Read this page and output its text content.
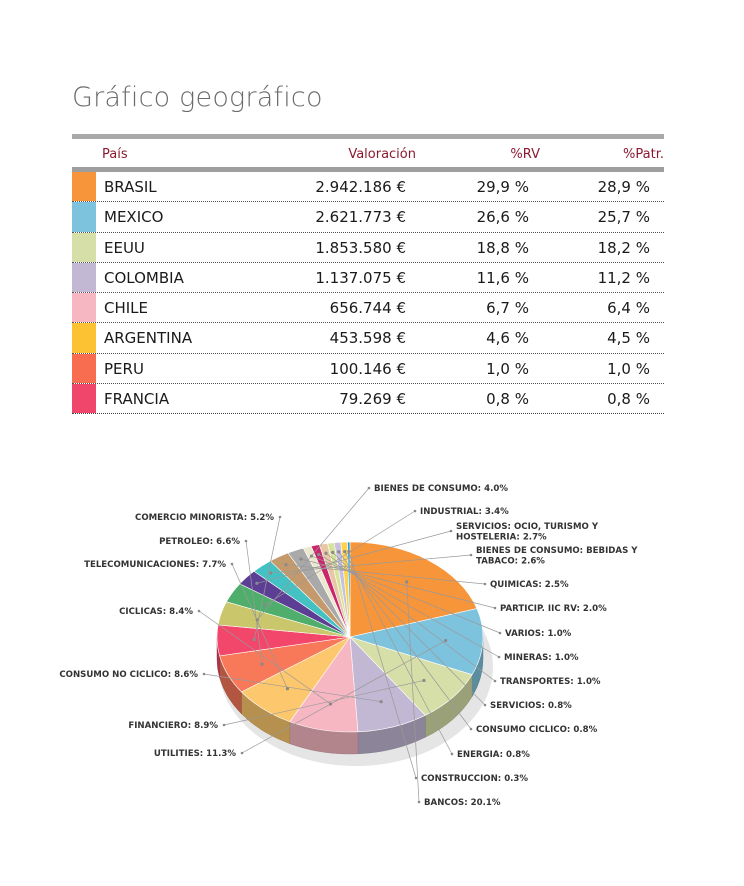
Gráfico geográfico
País	Valoración	%RV	%Patr.
BRASIL	2.942.186 €	29,9 %	28,9 %
MEXICO	2.621.773 €	26,6 %	25,7 %
EEUU	1.853.580 €	18,8 %	18,2 %
COLOMBIA	1.137.075 €	11,6 %	11,2 %
CHILE	656.744 €	6,7 %	6,4 %
ARGENTINA	453.598 €	4,6 %	4,5 %
PERU	100.146 €	1,0 %	1,0 %
FRANCIA	79.269 €	0,8 %	0,8 %
BANCOS: 20.1%
UTILITIES: 11.3%
FINANCIERO: 8.9%
CONSUMO NO CICLICO: 8.6%
CICLICAS: 8.4%
TELECOMUNICACIONES: 7.7%
PETROLEO: 6.6%
COMERCIO MINORISTA: 5.2%
BIENES DE CONSUMO: 4.0%
INDUSTRIAL: 3.4%
SERVICIOS: OCIO, TURISMO Y HOSTELERIA: 2.7%
BIENES DE CONSUMO: BEBIDAS Y TABACO: 2.6%
QUIMICAS: 2.5%
PARTICIP. IIC RV: 2.0%
VARIOS: 1.0%
MINERAS: 1.0%
TRANSPORTES: 1.0%
SERVICIOS: 0.8%
CONSUMO CICLICO: 0.8%
ENERGIA: 0.8%
CONSTRUCCION: 0.3%
